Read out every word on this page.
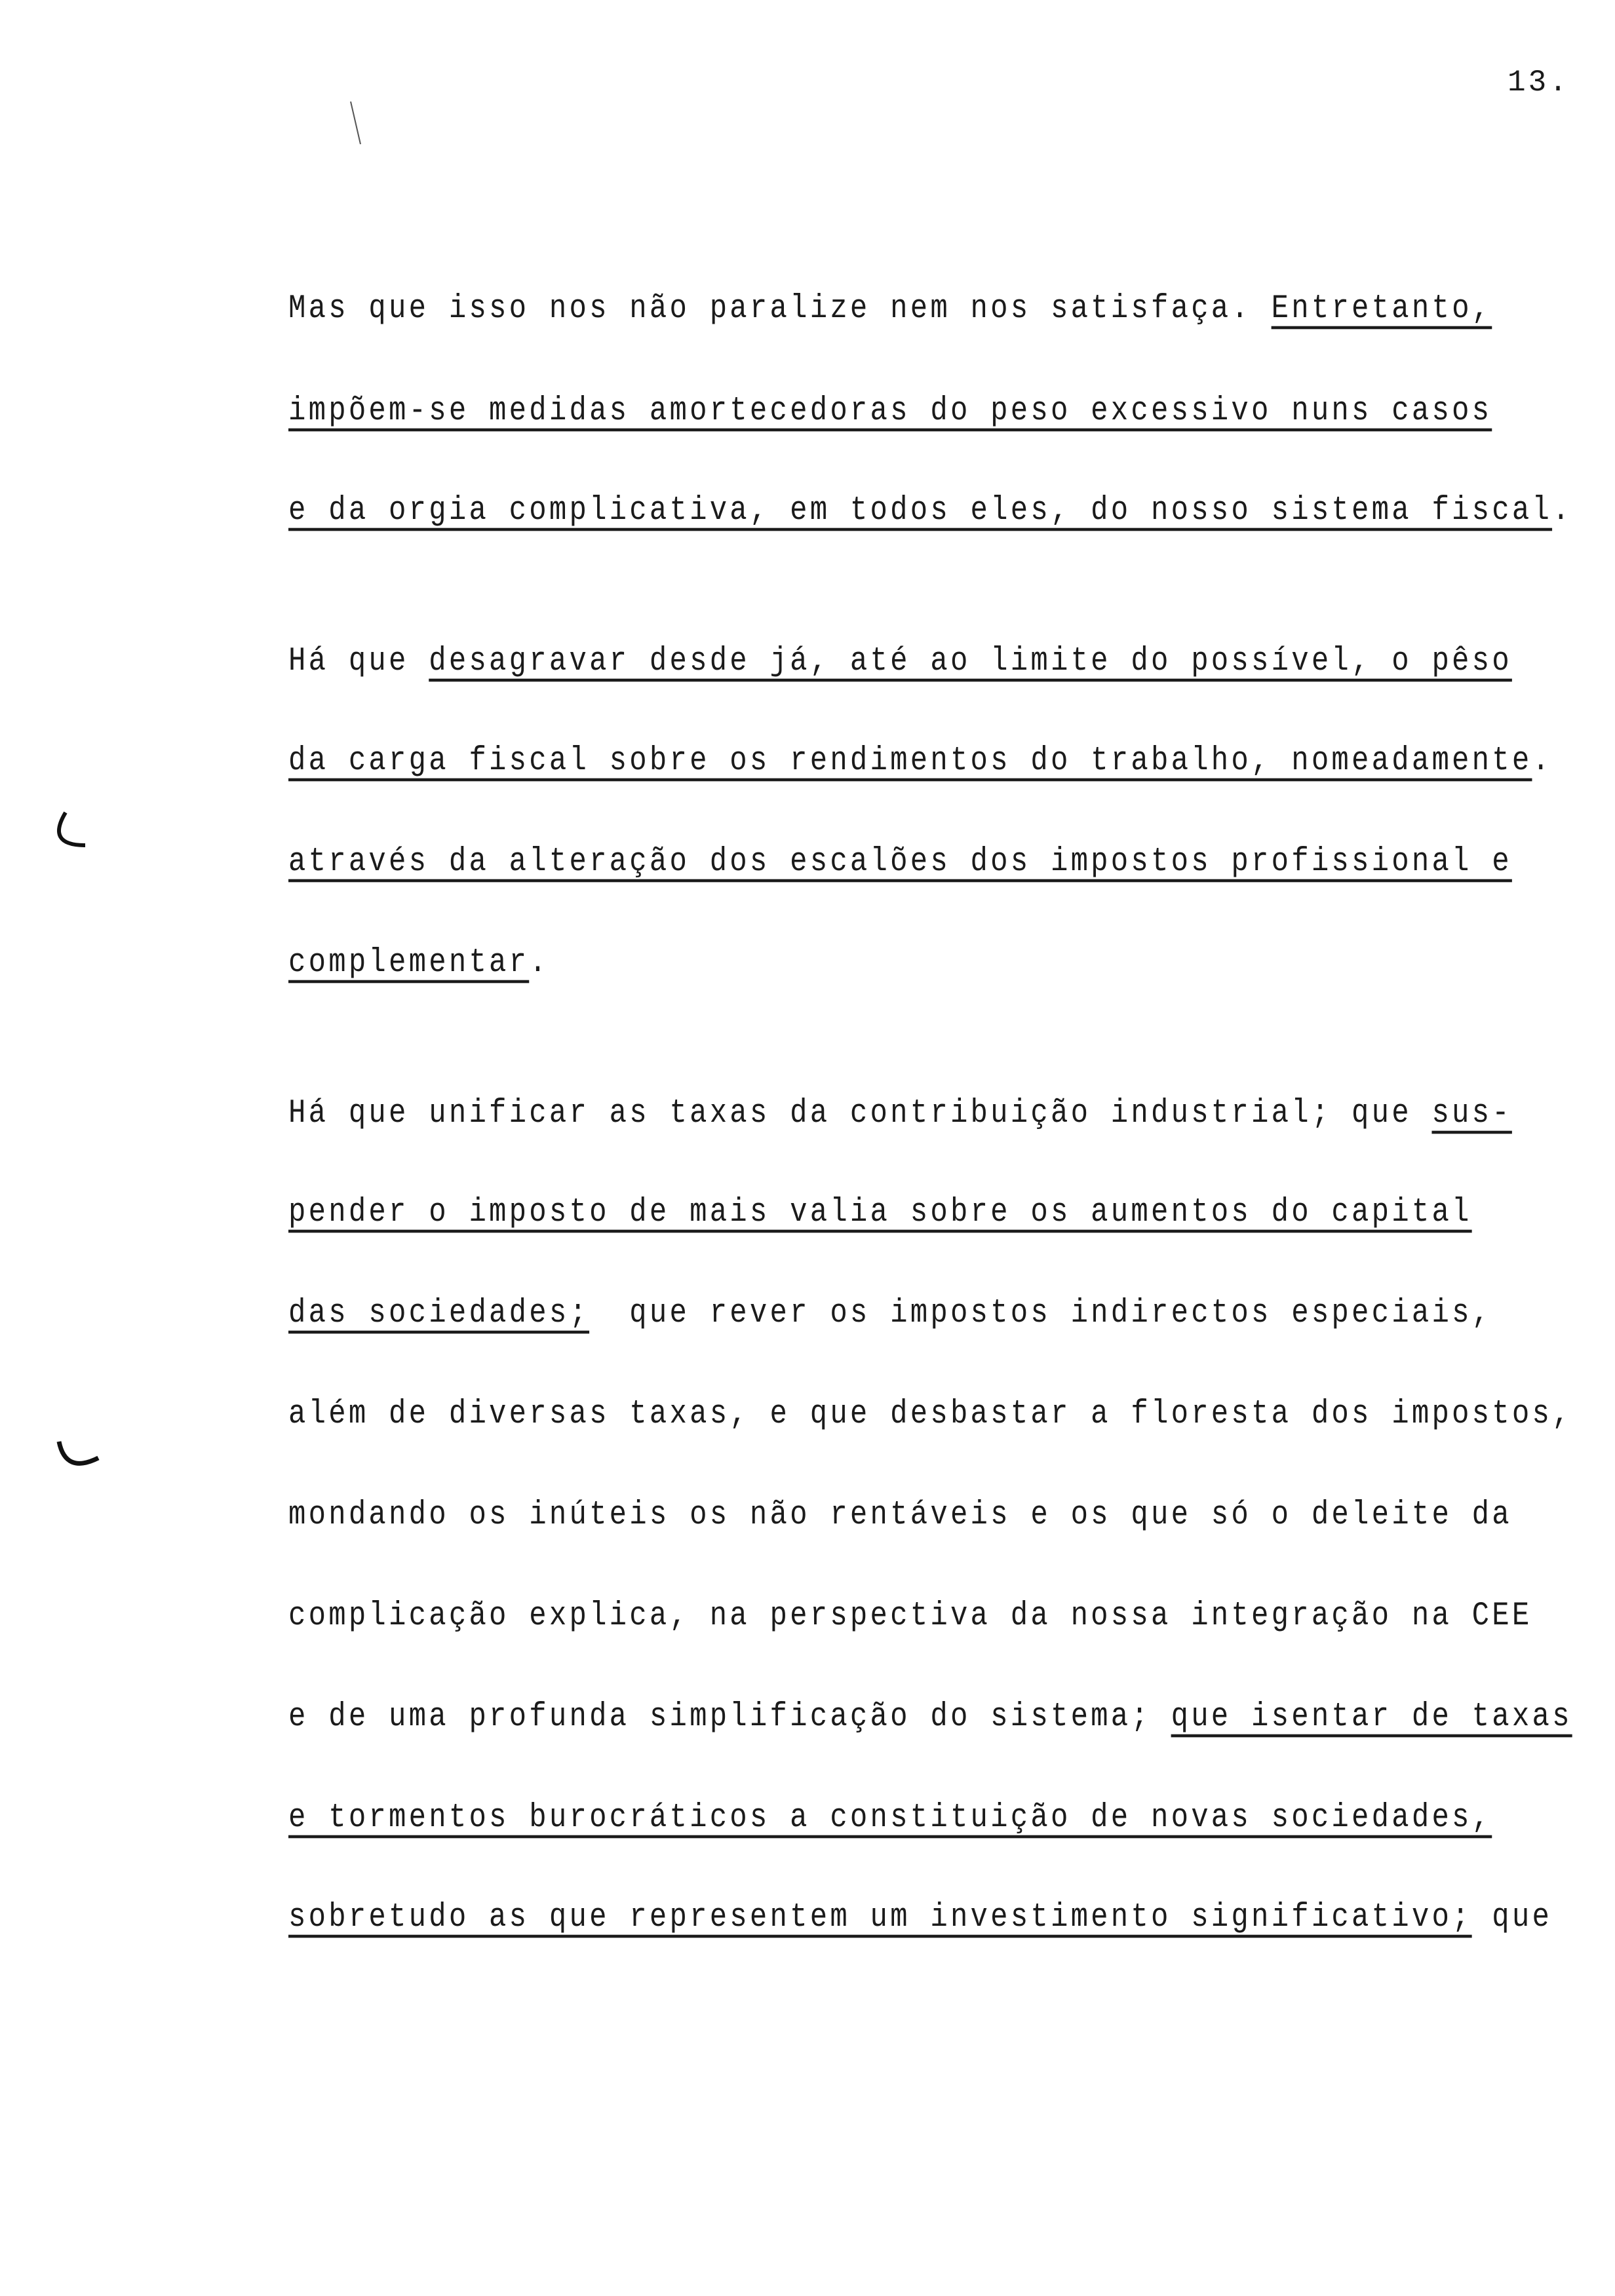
13.
Mas que isso nos não paralize nem nos satisfaça. Entretanto,
impõem-se medidas amortecedoras do peso excessivo nuns casos
e da orgia complicativa, em todos eles, do nosso sistema fiscal.
Há que desagravar desde já, até ao limite do possível, o pêso
da carga fiscal sobre os rendimentos do trabalho, nomeadamente.
através da alteração dos escalões dos impostos profissional e
complementar.
Há que unificar as taxas da contribuição industrial; que sus-
pender o imposto de mais valia sobre os aumentos do capital
das sociedades;  que rever os impostos indirectos especiais,
além de diversas taxas, e que desbastar a floresta dos impostos,
mondando os inúteis os não rentáveis e os que só o deleite da
complicação explica, na perspectiva da nossa integração na CEE
e de uma profunda simplificação do sistema; que isentar de taxas
e tormentos burocráticos a constituição de novas sociedades,
sobretudo as que representem um investimento significativo; que
